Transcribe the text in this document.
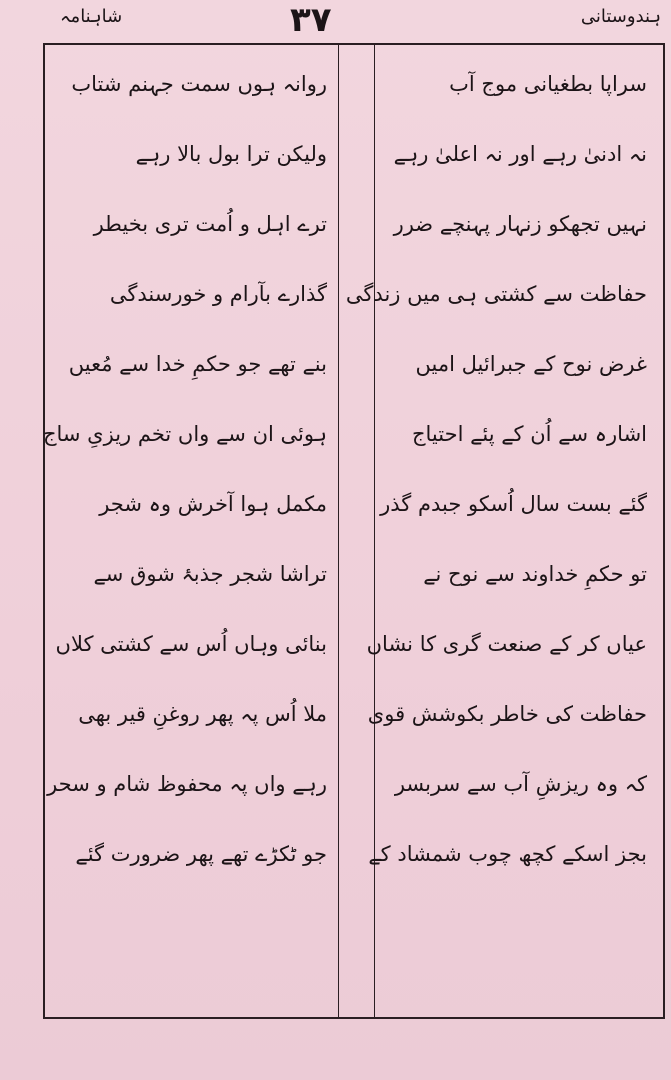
شاہنامہ	۳۷	ہندوستانی
سراپا بطغیانی موج آب
نہ ادنیٰ رہے اور نہ اعلیٰ رہے
نہیں تجھکو زنہار پہنچے ضرر
حفاظت سے کشتی ہی میں زندگی
غرض نوح کے جبرائیل امیں
اشارہ سے اُن کے پئے احتیاج
گئے بست سال اُسکو جبدم گذر
تو حکمِ خداوند سے نوح نے
عیاں کر کے صنعت گری کا نشاں
حفاظت کی خاطر بکوشش قوی
کہ وہ ریزشِ آب سے سربسر
بجز اسکے کچھ چوب شمشاد کے
روانہ ہوں سمت جہنم شتاب
ولیکن ترا بول بالا رہے
ترے اہل و اُمت تری بخیطر
گذارے بآرام و خورسندگی
بنے تھے جو حکمِ خدا سے مُعیں
ہوئی ان سے واں تخم ریزیِ ساج
مکمل ہوا آخرش وہ شجر
تراشا شجر جذبۂ شوق سے
بنائی وہاں اُس سے کشتی کلاں
ملا اُس پہ پھر روغنِ قیر بھی
رہے واں پہ محفوظ شام و سحر
جو ٹکڑے تھے پھر ضرورت گئے
